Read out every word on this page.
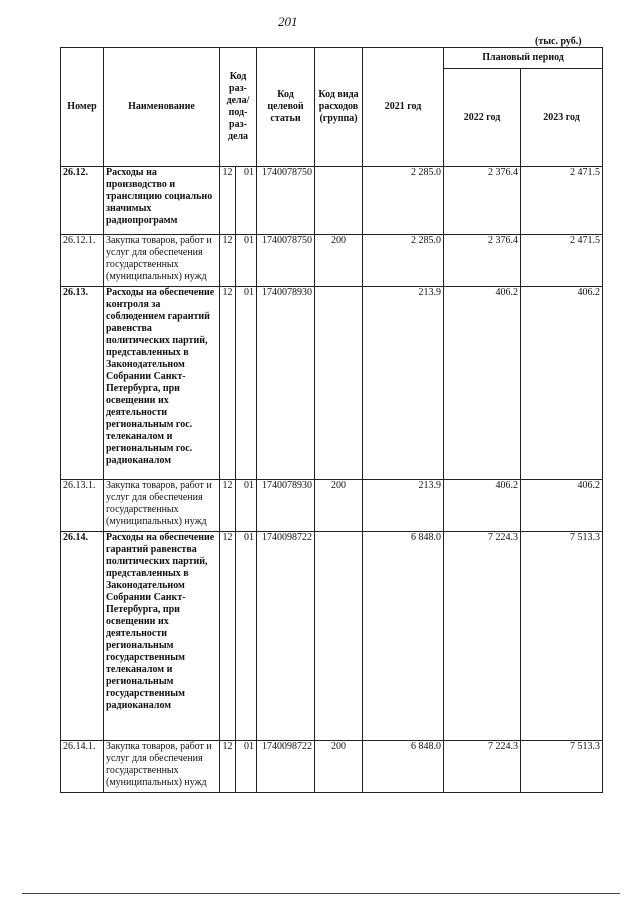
201
(тыс. руб.)
Номер	Наименование	Код раз-дела/ под-раз-дела		Код целевой статьи	Код вида расходов (группа)	2021 год	Плановый период	
							2022 год	2023 год
26.12.	Расходы на производство и трансляцию социально значимых радиопрограмм	12	01	1740078750		2 285.0	2 376.4	2 471.5
26.12.1.	Закупка товаров, работ и услуг для обеспечения государственных (муниципальных) нужд	12	01	1740078750	200	2 285.0	2 376.4	2 471.5
26.13.	Расходы на обеспечение контроля за соблюдением гарантий равенства политических партий, представленных в Законодательном Собрании Санкт-Петербурга, при освещении их деятельности региональным гос. телеканалом и региональным гос. радиоканалом	12	01	1740078930		213.9	406.2	406.2
26.13.1.	Закупка товаров, работ и услуг для обеспечения государственных (муниципальных) нужд	12	01	1740078930	200	213.9	406.2	406.2
26.14.	Расходы на обеспечение гарантий равенства политических партий, представленных в Законодательном Собрании Санкт-Петербурга, при освещении их деятельности региональным государственным телеканалом и региональным государственным радиоканалом	12	01	1740098722		6 848.0	7 224.3	7 513.3
26.14.1.	Закупка товаров, работ и услуг для обеспечения государственных (муниципальных) нужд	12	01	1740098722	200	6 848.0	7 224.3	7 513.3
